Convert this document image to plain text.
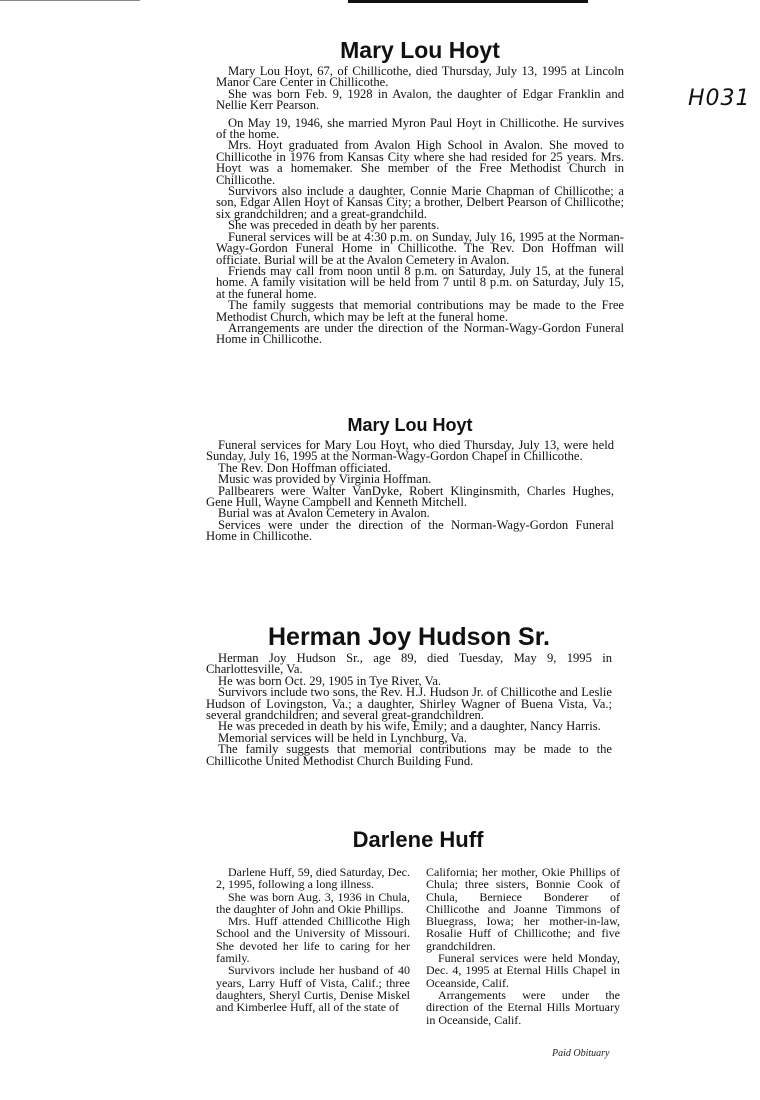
H031
Mary Lou Hoyt

Mary Lou Hoyt, 67, of Chillicothe, died Thursday, July 13, 1995 at Lincoln Manor Care Center in Chillicothe.

She was born Feb. 9, 1928 in Avalon, the daughter of Edgar Franklin and Nellie Kerr Pearson.

On May 19, 1946, she married Myron Paul Hoyt in Chillicothe. He survives of the home.

Mrs. Hoyt graduated from Avalon High School in Avalon. She moved to Chillicothe in 1976 from Kansas City where she had resided for 25 years. Mrs. Hoyt was a homemaker. She member of the Free Methodist Church in Chillicothe.

Survivors also include a daughter, Connie Marie Chapman of Chillicothe; a son, Edgar Allen Hoyt of Kansas City; a brother, Delbert Pearson of Chillicothe; six grandchildren; and a great-grandchild.

She was preceded in death by her parents.

Funeral services will be at 4:30 p.m. on Sunday, July 16, 1995 at the Norman-Wagy-Gordon Funeral Home in Chillicothe. The Rev. Don Hoffman will officiate. Burial will be at the Avalon Cemetery in Avalon.

Friends may call from noon until 8 p.m. on Saturday, July 15, at the funeral home. A family visitation will be held from 7 until 8 p.m. on Saturday, July 15, at the funeral home.

The family suggests that memorial contributions may be made to the Free Methodist Church, which may be left at the funeral home.

Arrangements are under the direction of the Norman-Wagy-Gordon Funeral Home in Chillicothe.

Mary Lou Hoyt

Funeral services for Mary Lou Hoyt, who died Thursday, July 13, were held Sunday, July 16, 1995 at the Norman-Wagy-Gordon Chapel in Chillicothe.

The Rev. Don Hoffman officiated.

Music was provided by Virginia Hoffman.

Pallbearers were Walter VanDyke, Robert Klinginsmith, Charles Hughes, Gene Hull, Wayne Campbell and Kenneth Mitchell.

Burial was at Avalon Cemetery in Avalon.

Services were under the direction of the Norman-Wagy-Gordon Funeral Home in Chillicothe.

Herman Joy Hudson Sr.

Herman Joy Hudson Sr., age 89, died Tuesday, May 9, 1995 in Charlottesville, Va.

He was born Oct. 29, 1905 in Tye River, Va.

Survivors include two sons, the Rev. H.J. Hudson Jr. of Chillicothe and Leslie Hudson of Lovingston, Va.; a daughter, Shirley Wagner of Buena Vista, Va.; several grandchildren; and several great-grandchildren.

He was preceded in death by his wife, Emily; and a daughter, Nancy Harris.

Memorial services will be held in Lynchburg, Va.

The family suggests that memorial contributions may be made to the Chillicothe United Methodist Church Building Fund.

Darlene Huff

Darlene Huff, 59, died Saturday, Dec. 2, 1995, following a long illness.

She was born Aug. 3, 1936 in Chula, the daughter of John and Okie Phillips.

Mrs. Huff attended Chillicothe High School and the University of Missouri. She devoted her life to caring for her family.

Survivors include her husband of 40 years, Larry Huff of Vista, Calif.; three daughters, Sheryl Curtis, Denise Miskel and Kimberlee Huff, all of the state of

California; her mother, Okie Phillips of Chula; three sisters, Bonnie Cook of Chula, Berniece Bonderer of Chillicothe and Joanne Timmons of Bluegrass, Iowa; her mother-in-law, Rosalie Huff of Chillicothe; and five grandchildren.

Funeral services were held Monday, Dec. 4, 1995 at Eternal Hills Chapel in Oceanside, Calif.

Arrangements were under the direction of the Eternal Hills Mortuary in Oceanside, Calif.

Paid Obituary
